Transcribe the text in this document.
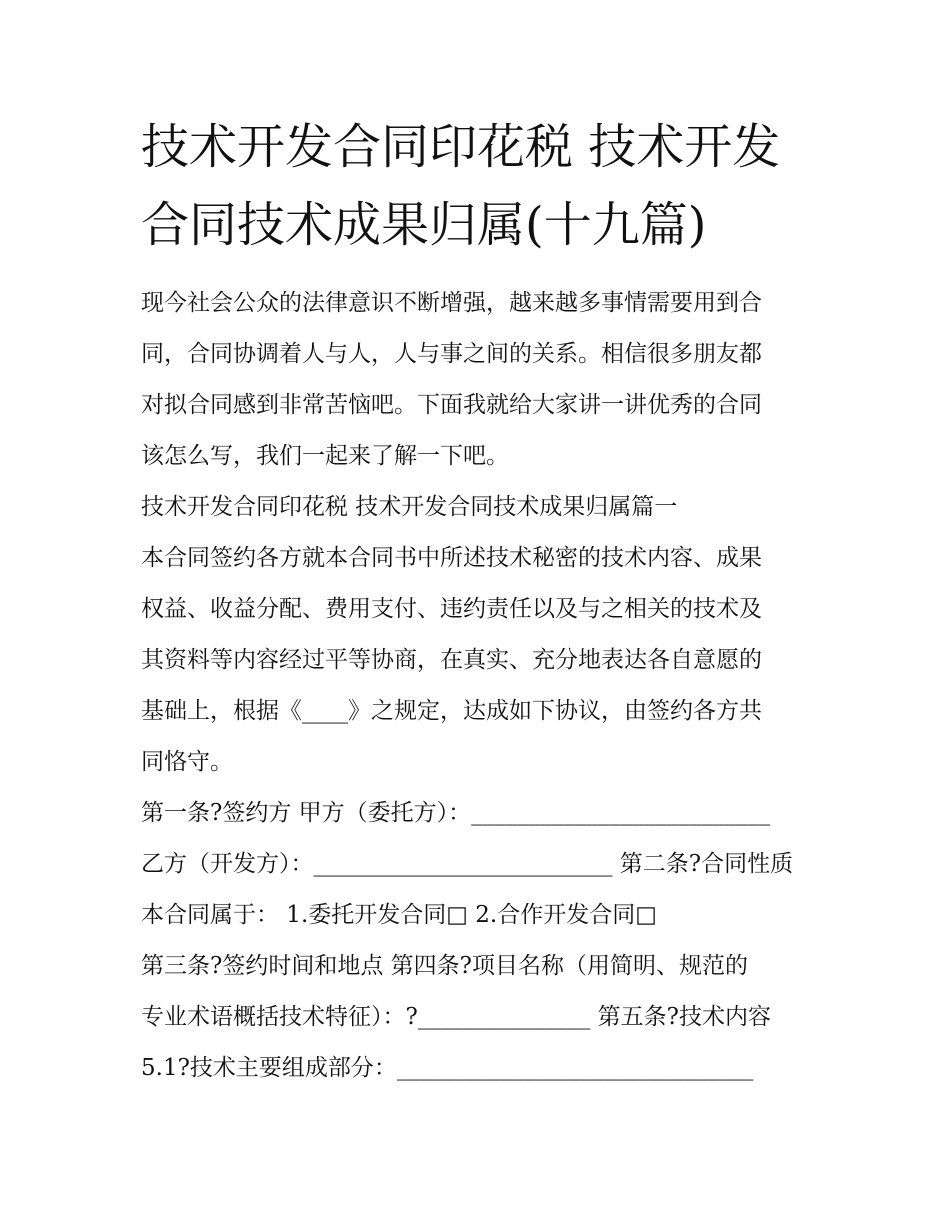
技术开发合同印花税 技术开发
合同技术成果归属(十九篇)

现今社会公众的法律意识不断增强，越来越多事情需要用到合
同，合同协调着人与人，人与事之间的关系。相信很多朋友都
对拟合同感到非常苦恼吧。下面我就给大家讲一讲优秀的合同
该怎么写，我们一起来了解一下吧。

技术开发合同印花税 技术开发合同技术成果归属篇一

本合同签约各方就本合同书中所述技术秘密的技术内容、成果
权益、收益分配、费用支付、违约责任以及与之相关的技术及
其资料等内容经过平等协商，在真实、充分地表达各自意愿的
基础上，根据《____》之规定，达成如下协议，由签约各方共
同恪守。

第一条?签约方 甲方（委托方）：__________________________
乙方（开发方）：__________________________ 第二条?合同性质
本合同属于： 1.委托开发合同□ 2.合作开发合同□
第三条?签约时间和地点 第四条?项目名称（用简明、规范的
专业术语概括技术特征）：?_______________ 第五条?技术内容
5.1?技术主要组成部分：_______________________________
